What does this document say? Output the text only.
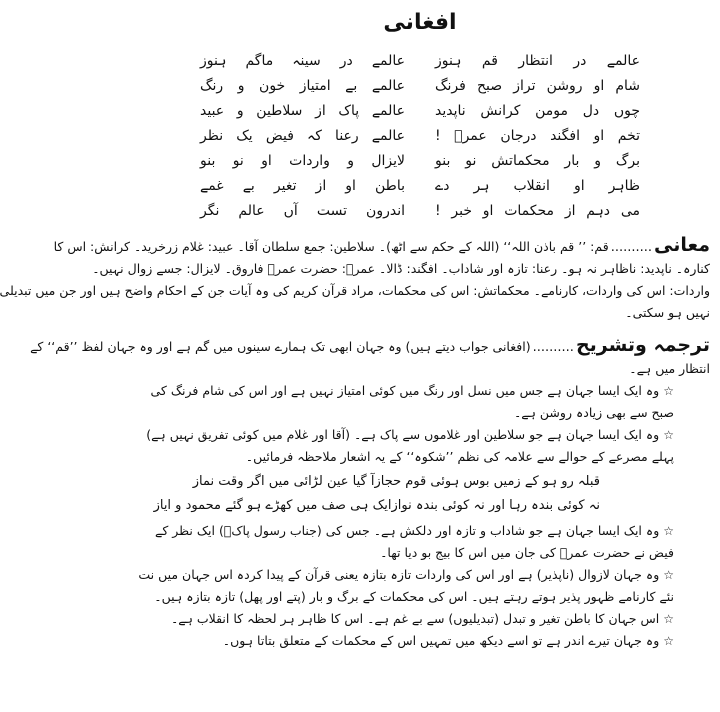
افغانی
عالمے در انتظار قم ہنوز
عالمے در سینہ ماگم ہنوز
شام او روشن تراز صبح فرنگ
عالمے بے امتیاز خون و رنگ
چوں دل مومن کرانش ناپدید
عالمے پاک از سلاطین و عبید
تخم او افگند درجان عمرؓ !
عالمے رعنا کہ فیض یک نظر
برگ و بار محکماتش نو بنو
لایزال و واردات او نو بنو
ظاہر او انقلاب ہر دے
باطن او از تغیر بے غمے
می دہم از محکمات او خبر !
اندرون تست آں عالم نگر
معانی
..........
قم: ’’ قم باذن اللہ‘‘ (اللہ کے حکم سے اٹھ)۔ سلاطین: جمع سلطان آقا۔ عبید: غلام زرخرید۔ کرانش: اس کا
کنارہ۔ ناپدید: ناظاہر نہ ہو۔ رعنا: تازہ اور شاداب۔ افگند: ڈالا۔ عمرؓ: حضرت عمرؓ فاروق۔ لایزال: جسے زوال نہیں۔
واردات: اس کی واردات، کارنامے۔ محکماتش: اس کی محکمات، مراد قرآن کریم کی وہ آیات جن کے احکام واضح ہیں اور جن میں تبدیلی
نہیں ہو سکتی۔
ترجمہ وتشریح
..........
(افغانی جواب دیتے ہیں) وہ جہان ابھی تک ہمارے سینوں میں گم ہے اور وہ جہان لفظ ’’قم‘‘ کے
انتظار میں ہے۔
☆وہ ایک ایسا جہان ہے جس میں نسل اور رنگ میں کوئی امتیاز نہیں ہے اور اس کی شام فرنگ کی صبح سے بھی زیادہ روشن ہے۔
☆وہ ایک ایسا جہان ہے جو سلاطین اور غلاموں سے پاک ہے۔ (آقا اور غلام میں کوئی تفریق نہیں ہے) پہلے مصرعے کے حوالے سے علامہ کی نظم ’’شکوہ‘‘ کے یہ اشعار ملاحظہ فرمائیں۔
قبلہ رو ہو کے زمیں بوس ہوئی قوم حجاز
آ گیا عین لڑائی میں اگر وقت نماز
نہ کوئی بندہ رہا اور نہ کوئی بندہ نواز
ایک ہی صف میں کھڑے ہو گئے محمود و ایاز
☆وہ ایک ایسا جہان ہے جو شاداب و تازہ اور دلکش ہے۔ جس کی (جناب رسول پاکؐ) ایک نظر کے فیض نے حضرت عمرؓ کی جان میں اس کا بیج بو دیا تھا۔
☆وہ جہان لازوال (ناپذیر) ہے اور اس کی واردات تازہ بتازہ یعنی قرآن کے پیدا کردہ اس جہان میں نت نئے کارنامے ظہور پذیر ہوتے رہتے ہیں۔ اس کی محکمات کے برگ و بار (پتے اور پھل) تازہ بتازہ ہیں۔
☆اس جہان کا باطن تغیر و تبدل (تبدیلیوں) سے بے غم ہے۔ اس کا ظاہر ہر لحظہ کا انقلاب ہے۔
☆وہ جہان تیرے اندر ہے تو اسے دیکھ میں تمہیں اس کے محکمات کے متعلق بتاتا ہوں۔
